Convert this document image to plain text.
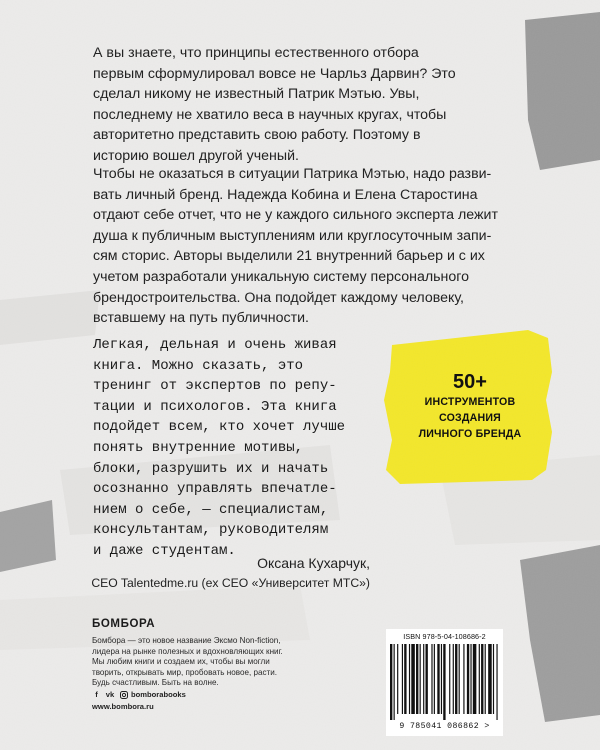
А вы знаете, что принципы естественного отбора
первым сформулировал вовсе не Чарльз Дарвин? Это
сделал никому не известный Патрик Мэтью. Увы,
последнему не хватило веса в научных кругах, чтобы
авторитетно представить свою работу. Поэтому в
историю вошел другой ученый.

Чтобы не оказаться в ситуации Патрика Мэтью, надо разви-
вать личный бренд. Надежда Кобина и Елена Старостина
отдают себе отчет, что не у каждого сильного эксперта лежит
душа к публичным выступлениям или круглосуточным запи-
сям сторис. Авторы выделили 21 внутренний барьер и с их
учетом разработали уникальную систему персонального
брендостроительства. Она подойдет каждому человеку,
вставшему на путь публичности.

Легкая, дельная и очень живая
книга. Можно сказать, это
тренинг от экспертов по репу-
тации и психологов. Эта книга
подойдет всем, кто хочет лучше
понять внутренние мотивы,
блоки, разрушить их и начать
осознанно управлять впечатле-
нием о себе, — специалистам,
консультантам, руководителям
и даже студентам.

Оксана Кухарчук,
CEO Talentedme.ru (ex CEO «Университет МТС»)
50+
ИНСТРУМЕНТОВ
СОЗДАНИЯ
ЛИЧНОГО БРЕНДА
БОМБОРА
Бомбора — это новое название Эксмо Non-fiction,
лидера на рынке полезных и вдохновляющих книг.
Мы любим книги и создаем их, чтобы вы могли
творить, открывать мир, пробовать новое, расти.
Будь счастливым. Быть на волне.
f	vk bomborabooks
www.bombora.ru
ISBN 978-5-04-108686-2
9 785041 086862 >
